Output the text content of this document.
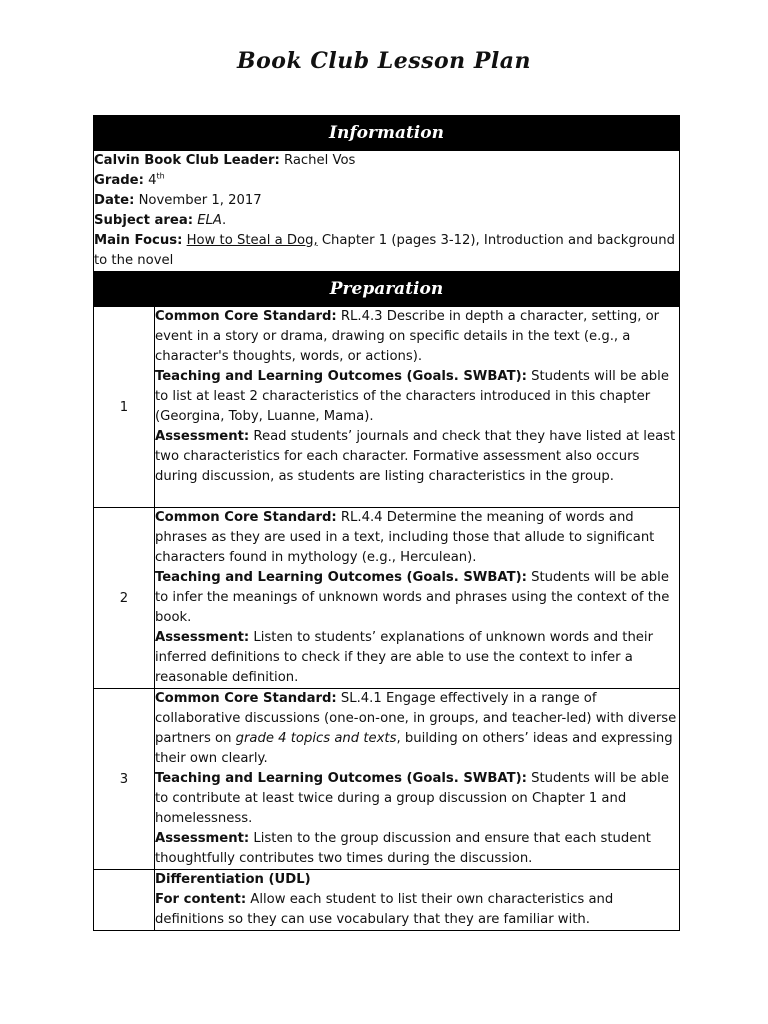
Book Club Lesson Plan
Information	

Calvin Book Club Leader: Rachel Vos
Grade: 4th
Date: November 1, 2017
Subject area: ELA.
Main Focus: How to Steal a Dog, Chapter 1 (pages 3-12), Introduction and background to the novel	

Preparation	
1	Common Core Standard: RL.4.3 Describe in depth a character, setting, or event in a story or drama, drawing on specific details in the text (e.g., a character's thoughts, words, or actions).

Teaching and Learning Outcomes (Goals. SWBAT): Students will be able to list at least 2 characteristics of the characters introduced in this chapter (Georgina, Toby, Luanne, Mama).

Assessment: Read students’ journals and check that they have listed at least two characteristics for each character. Formative assessment also occurs during discussion, as students are listing characteristics in the group.

2	Common Core Standard: RL.4.4 Determine the meaning of words and phrases as they are used in a text, including those that allude to significant characters found in mythology (e.g., Herculean).

Teaching and Learning Outcomes (Goals. SWBAT): Students will be able to infer the meanings of unknown words and phrases using the context of the book.

Assessment: Listen to students’ explanations of unknown words and their inferred definitions to check if they are able to use the context to infer a reasonable definition.

3	Common Core Standard: SL.4.1 Engage effectively in a range of collaborative discussions (one-on-one, in groups, and teacher-led) with diverse partners on grade 4 topics and texts, building on others’ ideas and expressing their own clearly.

Teaching and Learning Outcomes (Goals. SWBAT): Students will be able to contribute at least twice during a group discussion on Chapter 1 and homelessness.

Assessment: Listen to the group discussion and ensure that each student thoughtfully contributes two times during the discussion.

	Differentiation (UDL)

For content: Allow each student to list their own characteristics and definitions so they can use vocabulary that they are familiar with.
